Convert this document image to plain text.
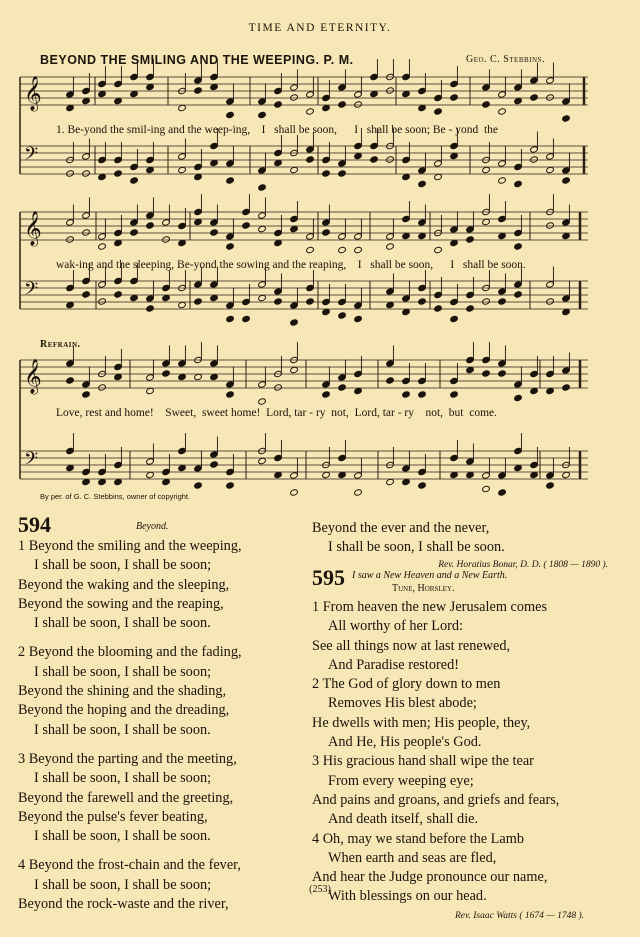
TIME AND ETERNITY.
BEYOND THE SMILING AND THE WEEPING. P. M.	Geo. C. Stebbins.
𝄞
𝄢
𝄞
𝄢
𝄞
𝄢
1. Be-yond the smil-ing and the weep-ing,    I   shall be soon,      I   shall be soon; Be - yond  the
wak-ing and the sleeping, Be-yond the sowing and the reaping,    I   shall be soon,      I   shall be soon.
Refrain.
Love, rest and home!    Sweet,  sweet home!  Lord, tar - ry  not,  Lord, tar - ry    not,  but  come.
By per. of G. C. Stebbins, owner of copyright.
594	Beyond.
1 Beyond the smiling and the weeping,
I shall be soon, I shall be soon;
Beyond the waking and the sleeping,
Beyond the sowing and the reaping,
I shall be soon, I shall be soon.
2 Beyond the blooming and the fading,
I shall be soon, I shall be soon;
Beyond the shining and the shading,
Beyond the hoping and the dreading,
I shall be soon, I shall be soon.
3 Beyond the parting and the meeting,
I shall be soon, I shall be soon;
Beyond the farewell and the greeting,
Beyond the pulse's fever beating,
I shall be soon, I shall be soon.
4 Beyond the frost-chain and the fever,
I shall be soon, I shall be soon;
Beyond the rock-waste and the river,
Beyond the ever and the never,
I shall be soon, I shall be soon.
Rev. Horatius Bonar, D. D. ( 1808 — 1890 ).
595 I saw a New Heaven and a New Earth.
Tune, Horsley.
1 From heaven the new Jerusalem comes
All worthy of her Lord:
See all things now at last renewed,
And Paradise restored!
2 The God of glory down to men
Removes His blest abode;
He dwells with men; His people, they,
And He, His people's God.
3 His gracious hand shall wipe the tear
From every weeping eye;
And pains and groans, and griefs and fears,
And death itself, shall die.
4 Oh, may we stand before the Lamb
When earth and seas are fled,
And hear the Judge pronounce our name,
With blessings on our head.
Rev. Isaac Watts ( 1674 — 1748 ).
(253)
